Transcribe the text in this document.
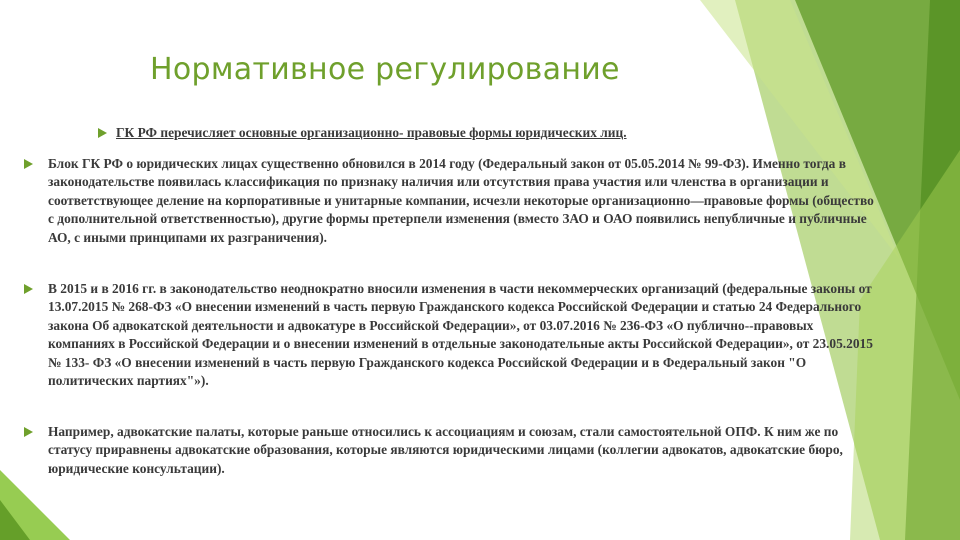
Нормативное регулирование
ГК РФ перечисляет основные организационно- правовые формы юридических лиц.
Блок ГК РФ о юридических лицах существенно обновился в 2014 году (Федеральный закон от 05.05.2014 № 99-ФЗ). Именно тогда в законодательстве появилась классификация по признаку наличия или отсутствия права участия или членства в организации и соответствующее деление на корпоративные и унитарные компании, исчезли некоторые организационно—правовые формы (общество с дополнительной ответственностью), другие формы претерпели изменения (вместо ЗАО и ОАО появились непубличные и публичные АО, с иными принципами их разграничения).
В 2015 и в 2016 гг. в законодательство неоднократно вносили изменения в части некоммерческих организаций (федеральные законы от 13.07.2015 № 268-ФЗ «О внесении изменений в часть первую Гражданского кодекса Российской Федерации и статью 24 Федерального закона Об адвокатской деятельности и адвокатуре в Российской Федерации», от 03.07.2016 № 236-ФЗ «О публично--правовых компаниях в Российской Федерации и о внесении изменений в отдельные законодательные акты Российской Федерации», от 23.05.2015 № 133- ФЗ «О внесении изменений в часть первую Гражданского кодекса Российской Федерации и в Федеральный закон "О политических партиях"»).
Например, адвокатские палаты, которые раньше относились к ассоциациям и союзам, стали самостоятельной ОПФ. К ним же по статусу приравнены адвокатские образования, которые являются юридическими лицами (коллегии адвокатов, адвокатские бюро, юридические консультации).
